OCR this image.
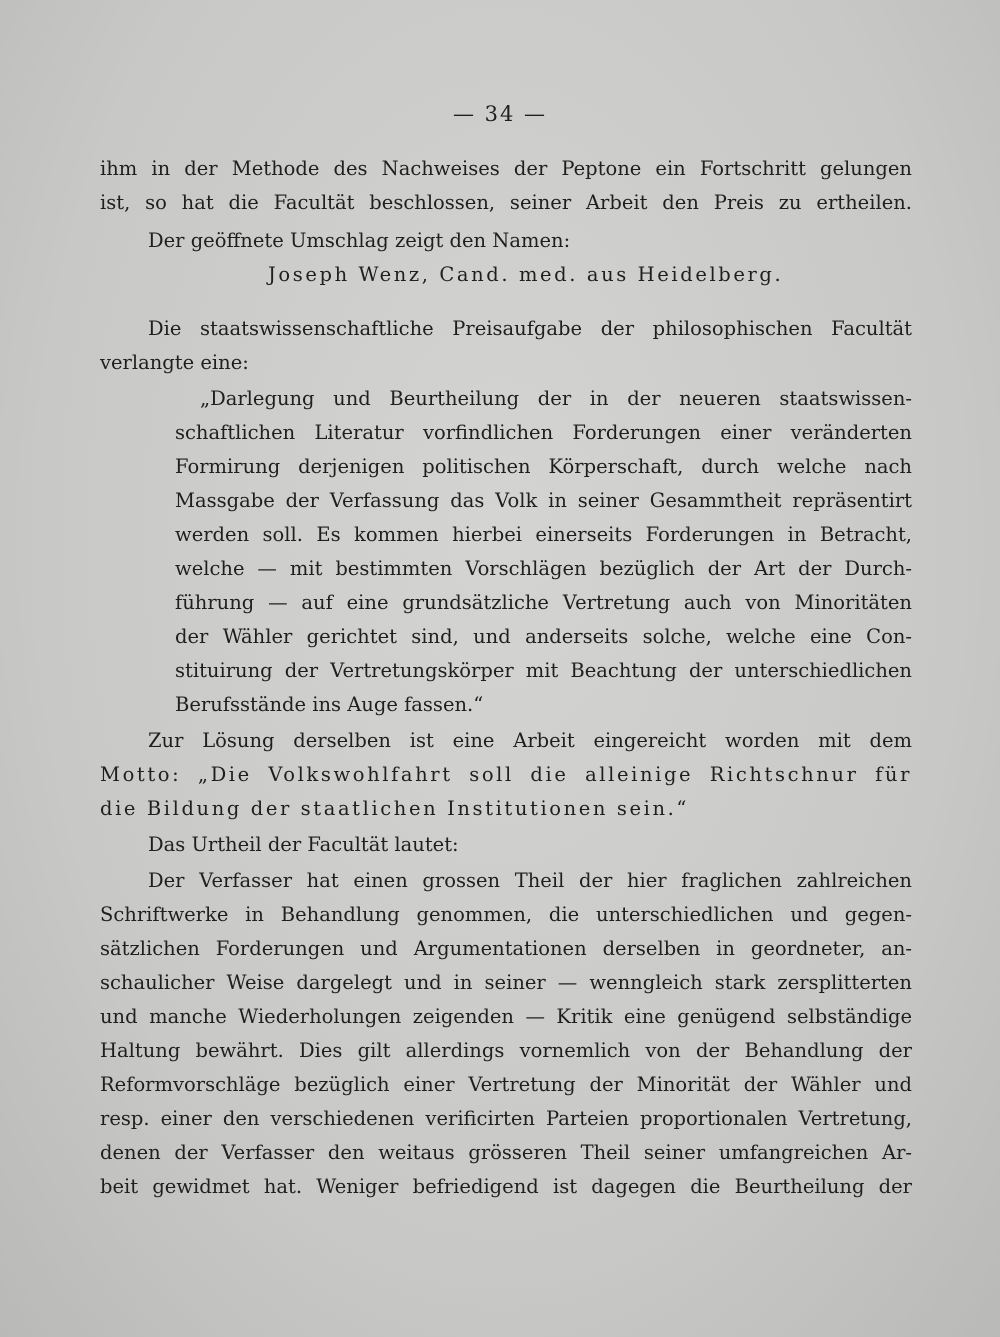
— 34 —
ihm in der Methode des Nachweises der Peptone ein Fortschritt gelungen
ist, so hat die Facultät beschlossen, seiner Arbeit den Preis zu ertheilen.
Der geöffnete Umschlag zeigt den Namen:
Joseph Wenz, Cand. med. aus Heidelberg.
Die staatswissenschaftliche Preisaufgabe der philosophischen Facultät
verlangte eine:
„Darlegung und Beurtheilung der in der neueren staatswissen-
schaftlichen Literatur vorfindlichen Forderungen einer veränderten
Formirung derjenigen politischen Körperschaft, durch welche nach
Massgabe der Verfassung das Volk in seiner Gesammtheit repräsentirt
werden soll. Es kommen hierbei einerseits Forderungen in Betracht,
welche — mit bestimmten Vorschlägen bezüglich der Art der Durch-
führung — auf eine grundsätzliche Vertretung auch von Minoritäten
der Wähler gerichtet sind, und anderseits solche, welche eine Con-
stituirung der Vertretungskörper mit Beachtung der unterschiedlichen
Berufsstände ins Auge fassen.“
Zur Lösung derselben ist eine Arbeit eingereicht worden mit dem
Motto: „Die Volkswohlfahrt soll die alleinige Richtschnur für
die Bildung der staatlichen Institutionen sein.“
Das Urtheil der Facultät lautet:
Der Verfasser hat einen grossen Theil der hier fraglichen zahlreichen
Schriftwerke in Behandlung genommen, die unterschiedlichen und gegen-
sätzlichen Forderungen und Argumentationen derselben in geordneter, an-
schaulicher Weise dargelegt und in seiner — wenngleich stark zersplitterten
und manche Wiederholungen zeigenden — Kritik eine genügend selbständige
Haltung bewährt. Dies gilt allerdings vornemlich von der Behandlung der
Reformvorschläge bezüglich einer Vertretung der Minorität der Wähler und
resp. einer den verschiedenen verificirten Parteien proportionalen Vertretung,
denen der Verfasser den weitaus grösseren Theil seiner umfangreichen Ar-
beit gewidmet hat. Weniger befriedigend ist dagegen die Beurtheilung der
